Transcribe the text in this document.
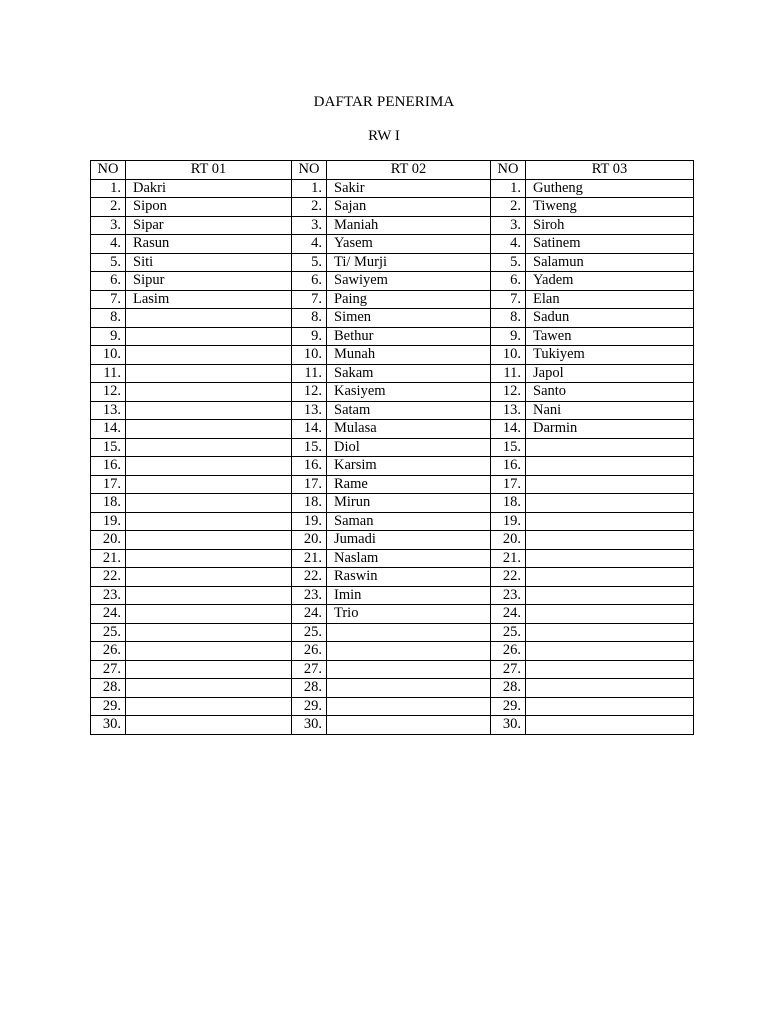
DAFTAR PENERIMA
RW I
NO	RT 01	NO	RT 02	NO	RT 03
1.	Dakri	1.	Sakir	1.	Gutheng
2.	Sipon	2.	Sajan	2.	Tiweng
3.	Sipar	3.	Maniah	3.	Siroh
4.	Rasun	4.	Yasem	4.	Satinem
5.	Siti	5.	Ti/ Murji	5.	Salamun
6.	Sipur	6.	Sawiyem	6.	Yadem
7.	Lasim	7.	Paing	7.	Elan
8.		8.	Simen	8.	Sadun
9.		9.	Bethur	9.	Tawen
10.		10.	Munah	10.	Tukiyem
11.		11.	Sakam	11.	Japol
12.		12.	Kasiyem	12.	Santo
13.		13.	Satam	13.	Nani
14.		14.	Mulasa	14.	Darmin
15.		15.	Diol	15.	
16.		16.	Karsim	16.	
17.		17.	Rame	17.	
18.		18.	Mirun	18.	
19.		19.	Saman	19.	
20.		20.	Jumadi	20.	
21.		21.	Naslam	21.	
22.		22.	Raswin	22.	
23.		23.	Imin	23.	
24.		24.	Trio	24.	
25.		25.		25.	
26.		26.		26.	
27.		27.		27.	
28.		28.		28.	
29.		29.		29.	
30.		30.		30.	
